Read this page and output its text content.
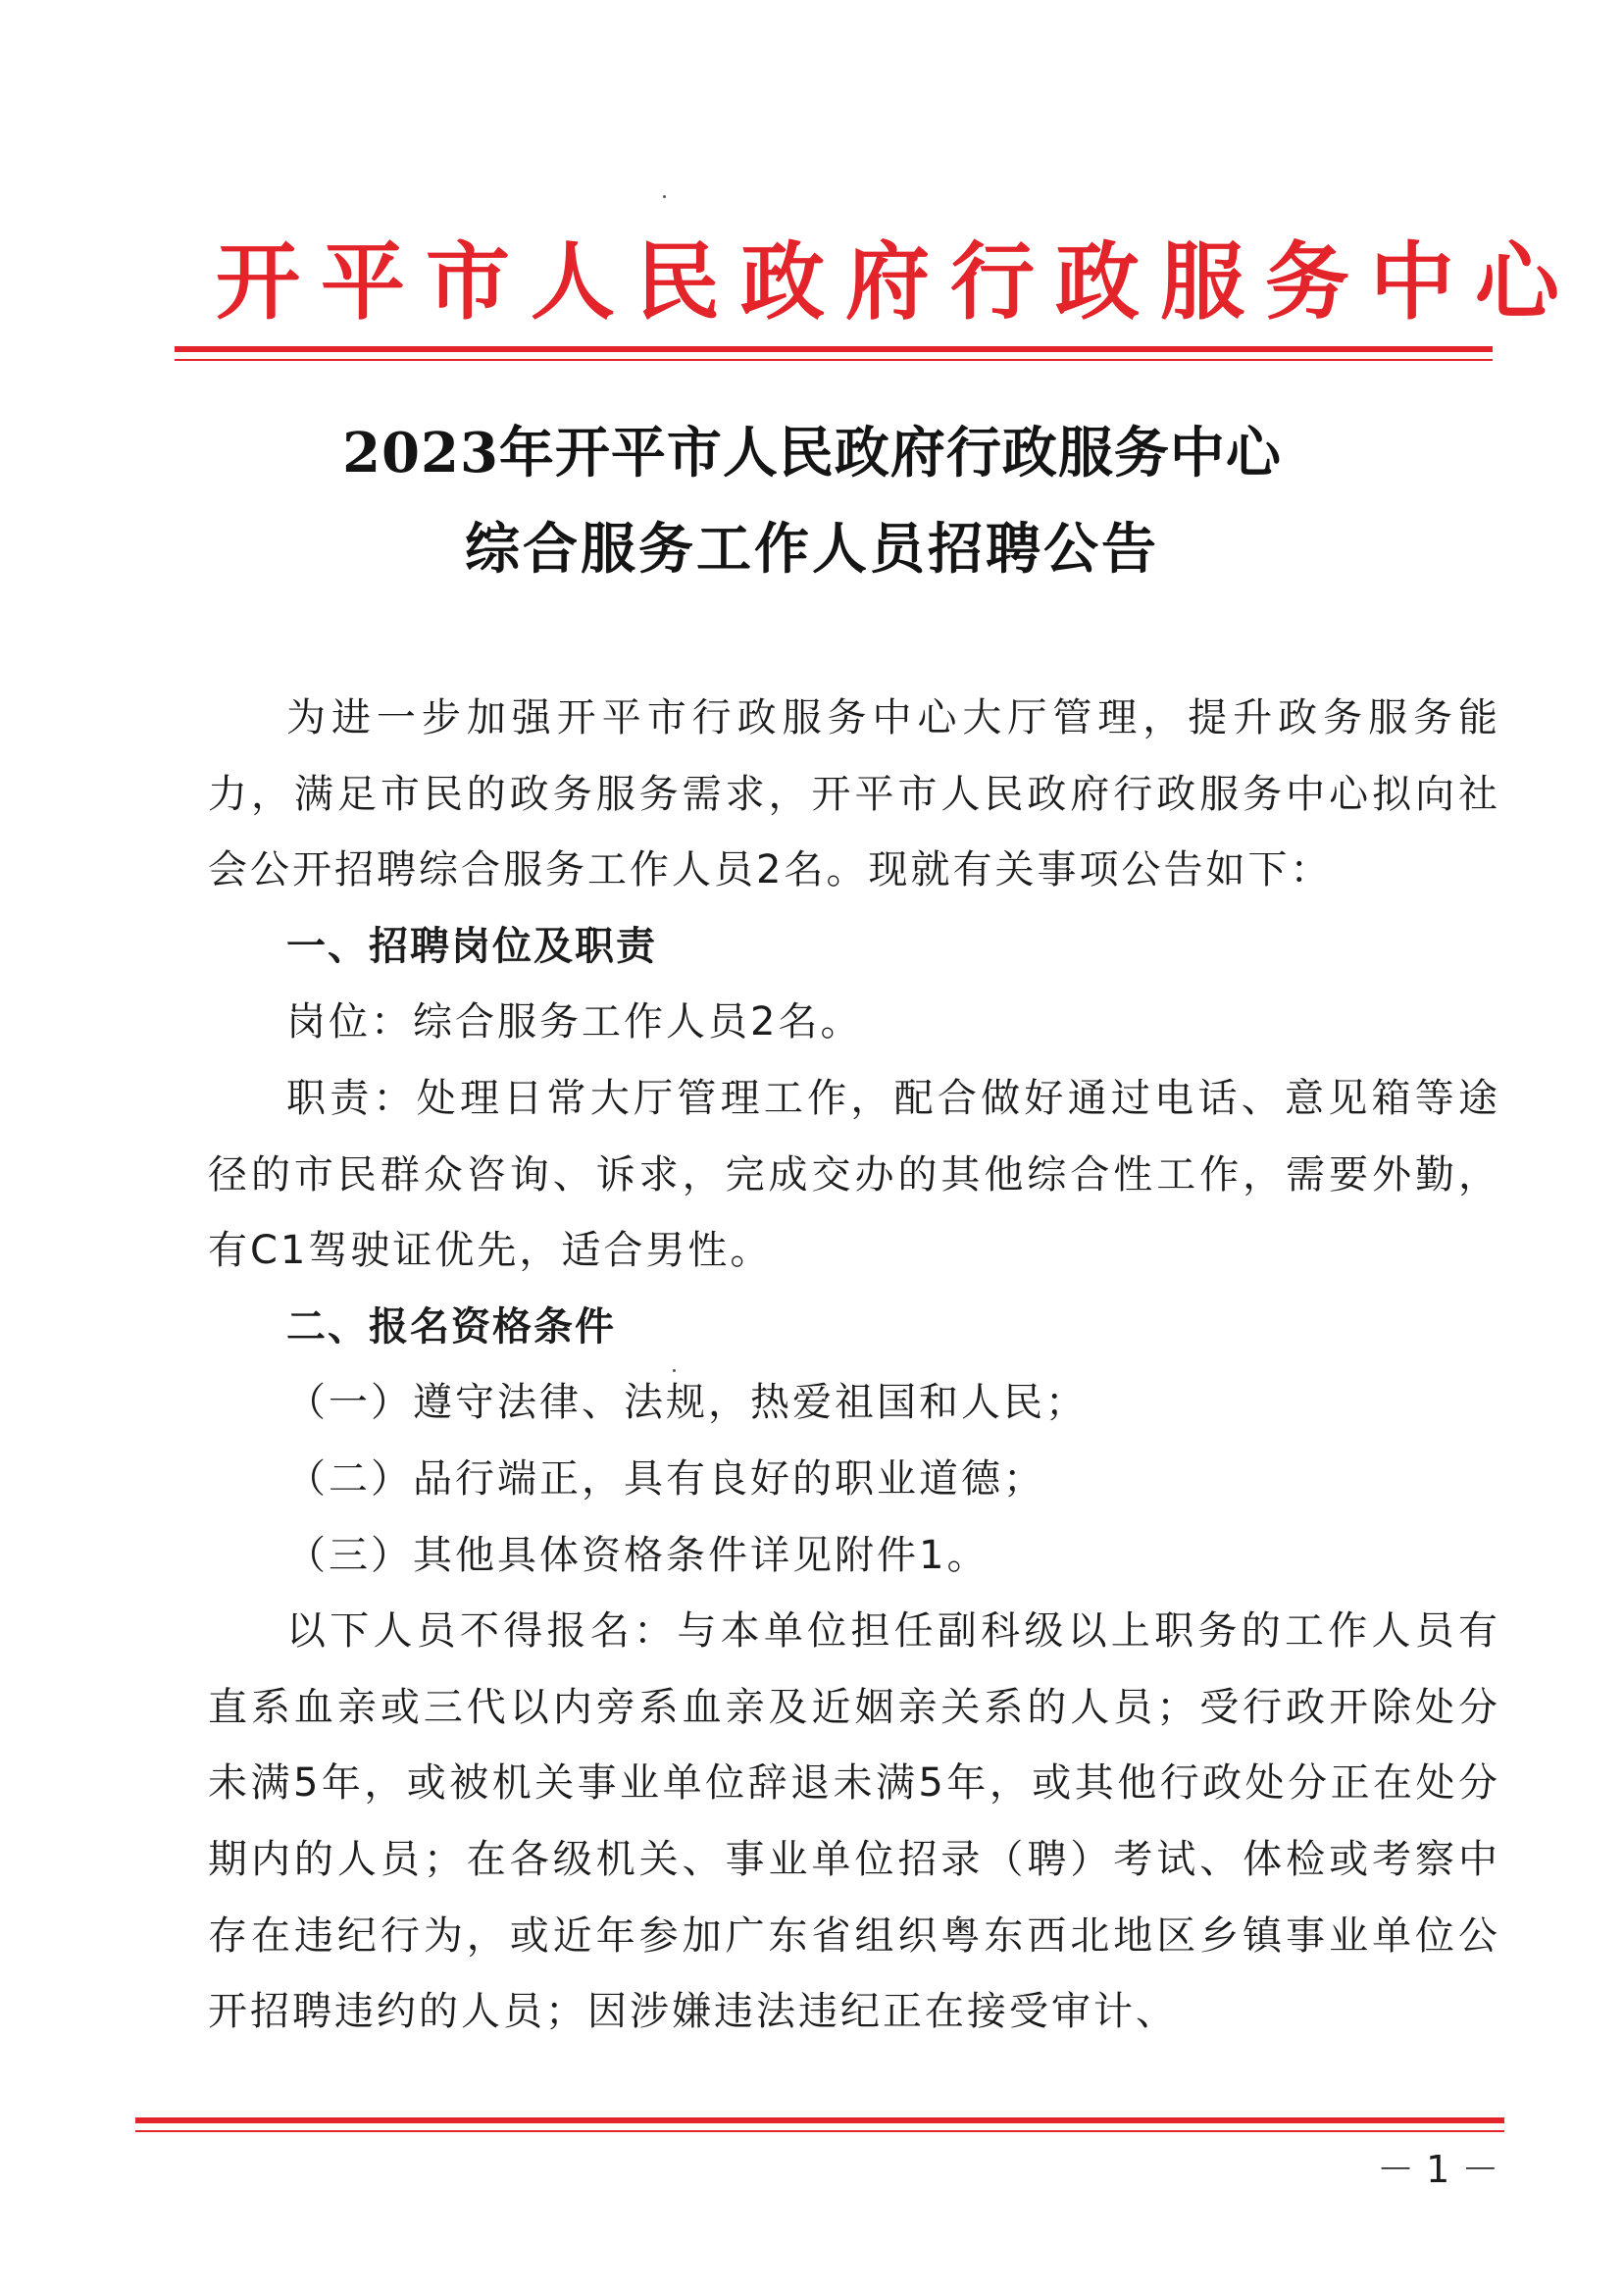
开平市人民政府行政服务中心
2023年开平市人民政府行政服务中心
综合服务工作人员招聘公告

为进一步加强开平市行政服务中心大厅管理，提升政务服务能力，满足市民的政务服务需求，开平市人民政府行政服务中心拟向社会公开招聘综合服务工作人员2名。现就有关事项公告如下：

一、招聘岗位及职责

岗位：综合服务工作人员2名。

职责：处理日常大厅管理工作，配合做好通过电话、意见箱等途径的市民群众咨询、诉求，完成交办的其他综合性工作，需要外勤，有C1驾驶证优先，适合男性。

二、报名资格条件

（一）遵守法律、法规，热爱祖国和人民；

（二）品行端正，具有良好的职业道德；

（三）其他具体资格条件详见附件1。

以下人员不得报名：与本单位担任副科级以上职务的工作人员有直系血亲或三代以内旁系血亲及近姻亲关系的人员；受行政开除处分未满5年，或被机关事业单位辞退未满5年，或其他行政处分正在处分期内的人员；在各级机关、事业单位招录（聘）考试、体检或考察中存在违纪行为，或近年参加广东省组织粤东西北地区乡镇事业单位公开招聘违约的人员；因涉嫌违法违纪正在接受审计、

－ 1 －
